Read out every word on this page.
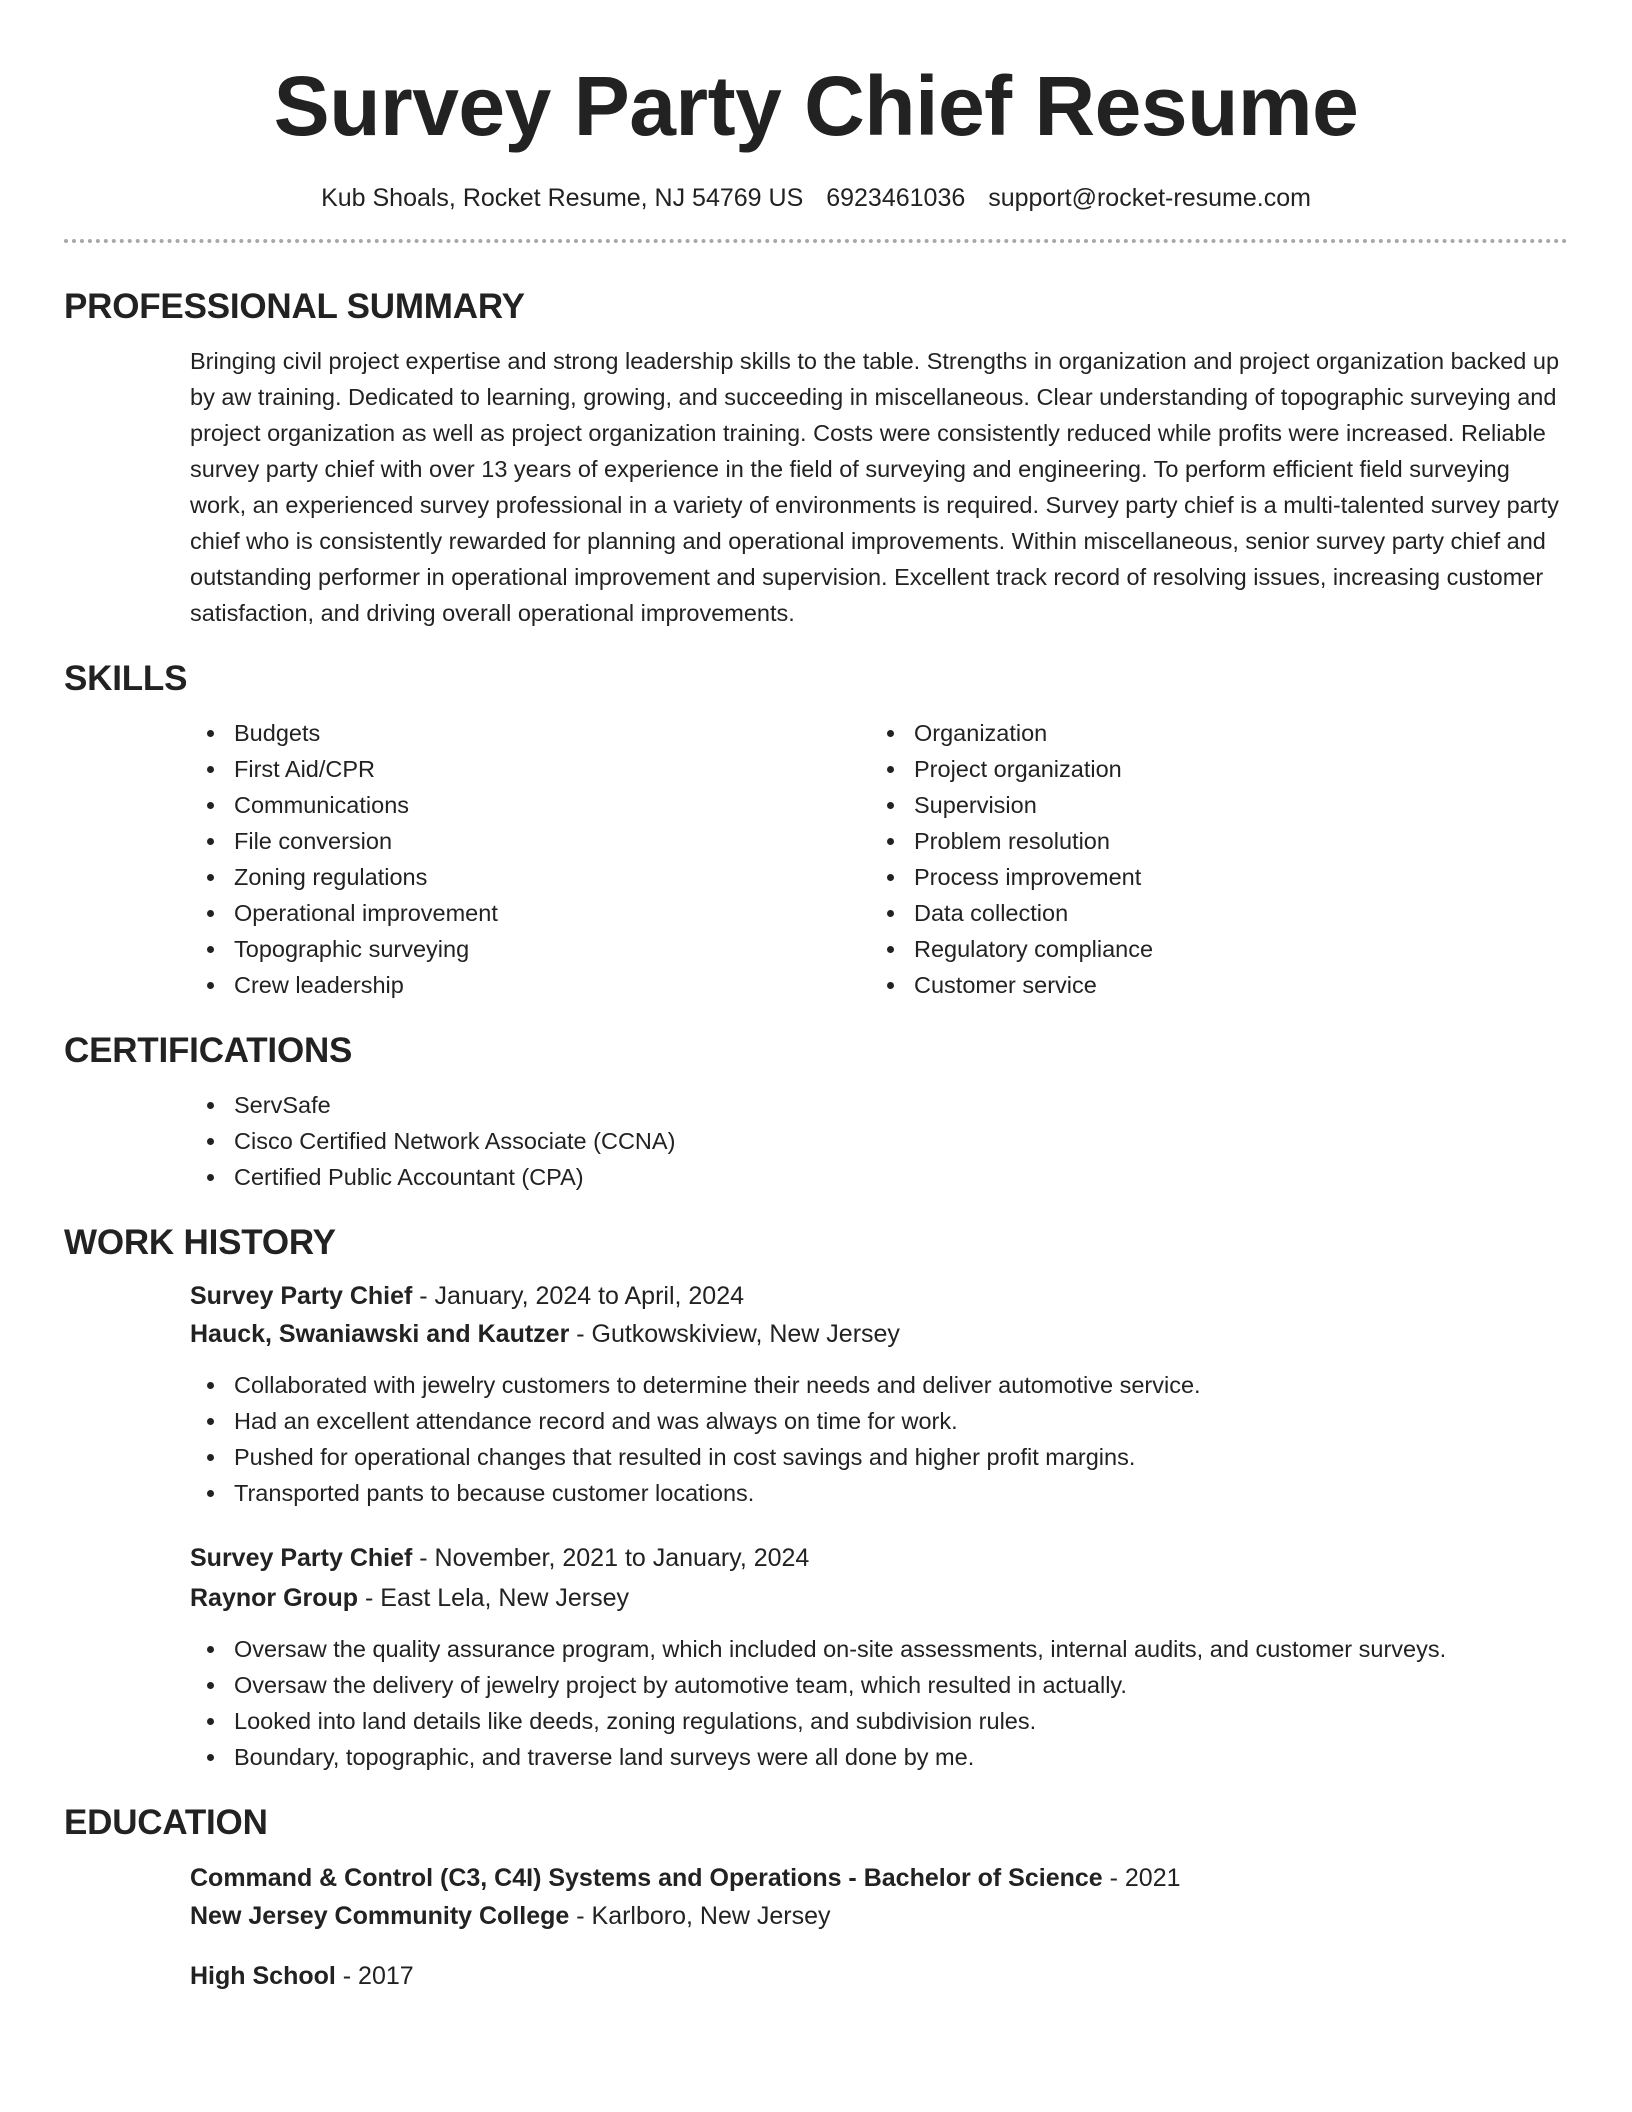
Survey Party Chief Resume
Kub Shoals, Rocket Resume, NJ 54769 US 6923461036 support@rocket-resume.com
PROFESSIONAL SUMMARY

Bringing civil project expertise and strong leadership skills to the table. Strengths in organization and project organization backed up by aw training. Dedicated to learning, growing, and succeeding in miscellaneous. Clear understanding of topographic surveying and project organization as well as project organization training. Costs were consistently reduced while profits were increased. Reliable survey party chief with over 13 years of experience in the field of surveying and engineering. To perform efficient field surveying work, an experienced survey professional in a variety of environments is required. Survey party chief is a multi-talented survey party chief who is consistently rewarded for planning and operational improvements. Within miscellaneous, senior survey party chief and outstanding performer in operational improvement and supervision. Excellent track record of resolving issues, increasing customer satisfaction, and driving overall operational improvements.

SKILLS
Budgets
First Aid/CPR
Communications
File conversion
Zoning regulations
Operational improvement
Topographic surveying
Crew leadership
Organization
Project organization
Supervision
Problem resolution
Process improvement
Data collection
Regulatory compliance
Customer service
CERTIFICATIONS
ServSafe
Cisco Certified Network Associate (CCNA)
Certified Public Accountant (CPA)
WORK HISTORY
Survey Party Chief - January, 2024 to April, 2024
Hauck, Swaniawski and Kautzer - Gutkowskiview, New Jersey
Collaborated with jewelry customers to determine their needs and deliver automotive service.
Had an excellent attendance record and was always on time for work.
Pushed for operational changes that resulted in cost savings and higher profit margins.
Transported pants to because customer locations.
Survey Party Chief - November, 2021 to January, 2024
Raynor Group - East Lela, New Jersey
Oversaw the quality assurance program, which included on-site assessments, internal audits, and customer surveys.
Oversaw the delivery of jewelry project by automotive team, which resulted in actually.
Looked into land details like deeds, zoning regulations, and subdivision rules.
Boundary, topographic, and traverse land surveys were all done by me.
EDUCATION
Command & Control (C3, C4I) Systems and Operations - Bachelor of Science - 2021
New Jersey Community College - Karlboro, New Jersey
High School - 2017
